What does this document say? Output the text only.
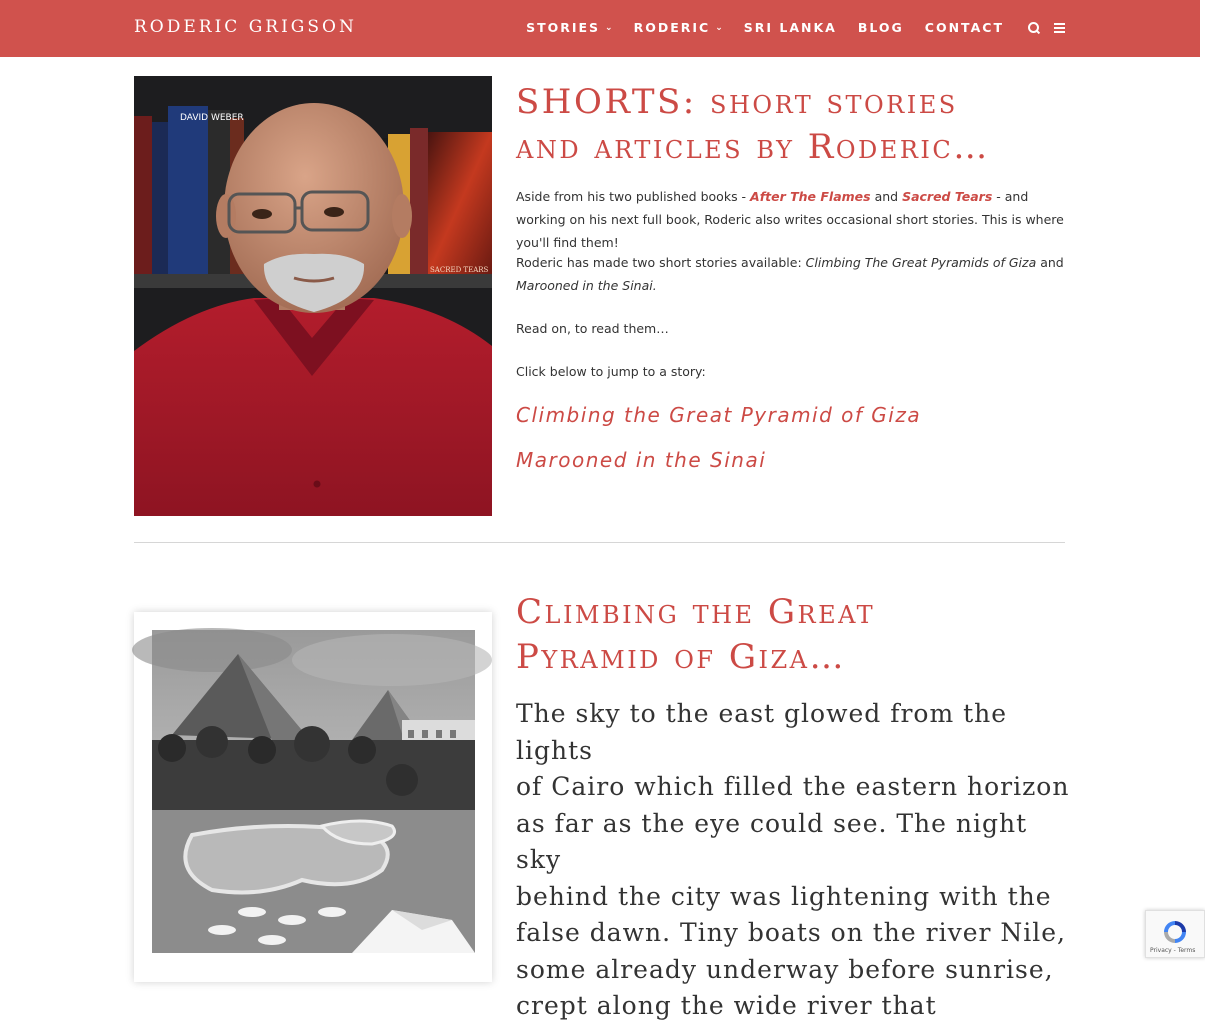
RODERIC GRIGSON	STORIES ⌄ RODERIC ⌄ SRI LANKA BLOG CONTACT
DAVID WEBER
SACRED TEARS
SHORTS: short stories
and articles by Roderic…

Aside from his two published books - After The Flames and Sacred Tears - and working on his next full book, Roderic also writes occasional short stories. This is where you'll find them!

Roderic has made two short stories available: Climbing The Great Pyramids of Giza and Marooned in the Sinai.

Read on, to read them…

Click below to jump to a story:

Climbing the Great Pyramid of Giza
Marooned in the Sinai
Climbing the Great
Pyramid of Giza…
The sky to the east glowed from the lights
of Cairo which filled the eastern horizon
as far as the eye could see. The night sky
behind the city was lightening with the
false dawn. Tiny boats on the river Nile,
some already underway before sunrise,
crept along the wide river that
Privacy - Terms
